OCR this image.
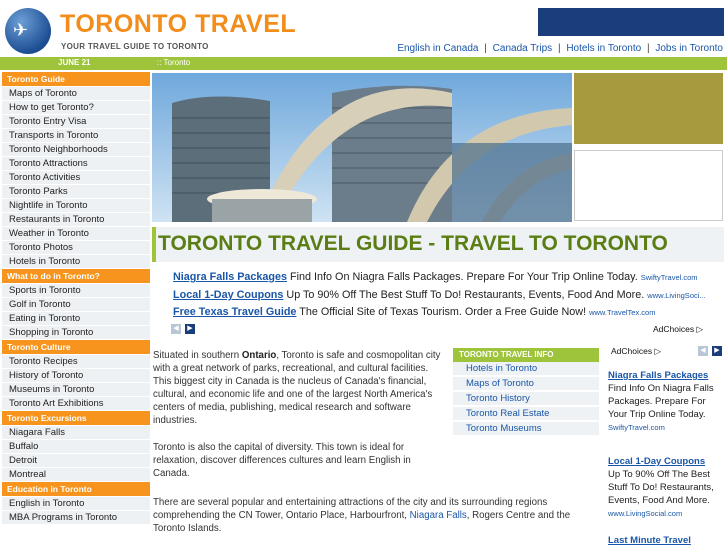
✈	TORONTO TRAVEL
YOUR TRAVEL GUIDE TO TORONTO	English in Canada | Canada Trips | Hotels in Toronto | Jobs in Toronto
JUNE 21	:: Toronto
Toronto Guide
Maps of Toronto
How to get Toronto?
Toronto Entry Visa
Transports in Toronto
Toronto Neighborhoods
Toronto Attractions
Toronto Activities
Toronto Parks
Nightlife in Toronto
Restaurants in Toronto
Weather in Toronto
Toronto Photos
Hotels in Toronto
What to do in Toronto?
Sports in Toronto
Golf in Toronto
Eating in Toronto
Shopping in Toronto
Toronto Culture
Toronto Recipes
History of Toronto
Museums in Toronto
Toronto Art Exhibitions
Toronto Excursions
Niagara Falls
Buffalo
Detroit
Montreal
Education in Toronto
English in Toronto
MBA Programs in Toronto
TORONTO TRAVEL GUIDE - TRAVEL TO TORONTO
Niagra Falls Packages Find Info On Niagra Falls Packages. Prepare For Your Trip Online Today. SwiftyTravel.com
Local 1-Day Coupons Up To 90% Off The Best Stuff To Do! Restaurants, Events, Food And More. www.LivingSoci...
Free Texas Travel Guide The Official Site of Texas Tourism. Order a Free Guide Now! www.TravelTex.com
◀	▶	AdChoices ▷
Situated in southern Ontario, Toronto is safe and cosmopolitan city with a great network of parks, recreational, and cultural facilities. This biggest city in Canada is the nucleus of Canada's financial, cultural, and economic life and one of the largest North America's centers of media, publishing, medical research and software industries.
Toronto is also the capital of diversity. This town is ideal for relaxation, discover differences cultures and learn English in Canada.
There are several popular and entertaining attractions of the city and its surrounding regions comprehending the CN Tower, Ontario Place, Harbourfront, Niagara Falls, Rogers Centre and the Toronto Islands.
TORONTO TRAVEL INFO
Hotels in Toronto
Maps of Toronto
Toronto History
Toronto Real Estate
Toronto Museums
AdChoices ▷	◀	▶
Niagra Falls Packages
Find Info On Niagra Falls Packages. Prepare For Your Trip Online Today.
SwiftyTravel.com
Local 1-Day Coupons
Up To 90% Off The Best Stuff To Do! Restaurants, Events, Food And More.
www.LivingSocial.com
Last Minute Travel
